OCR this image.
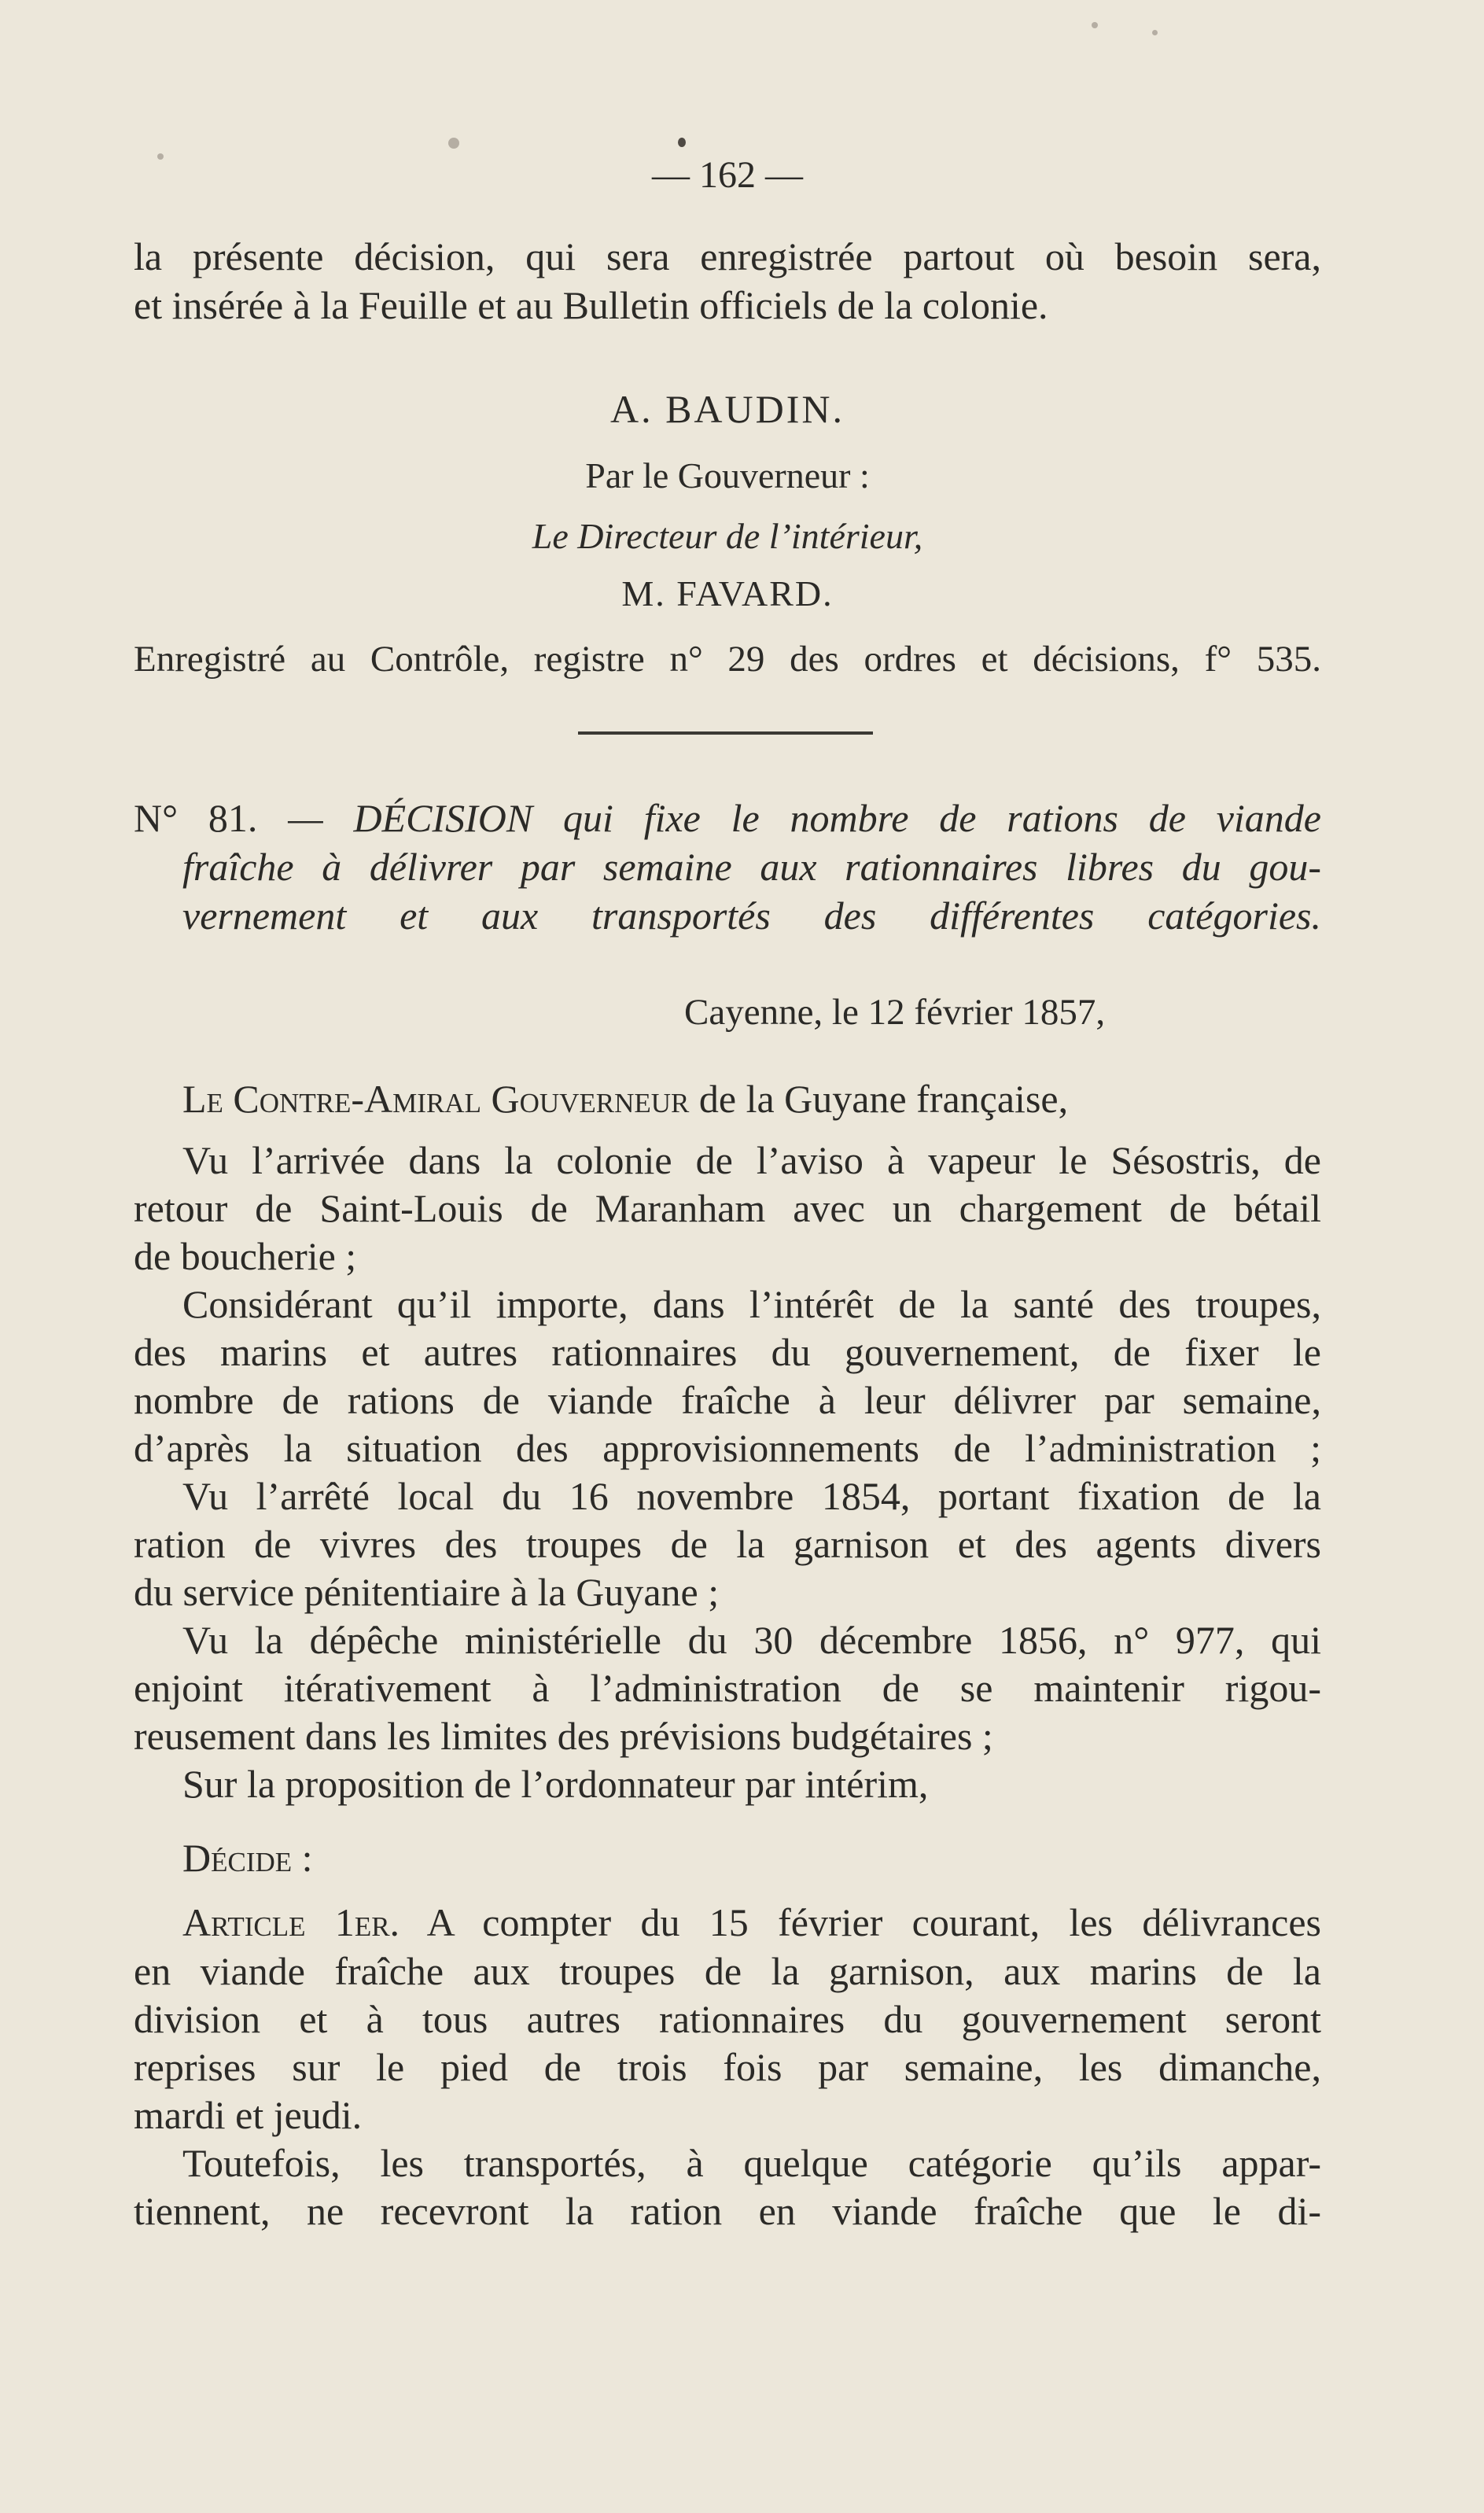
— 162 —
la présente décision, qui sera enregistrée partout où besoin sera,
et insérée à la Feuille et au Bulletin officiels de la colonie.
A. BAUDIN.
Par le Gouverneur :
Le Directeur de l’intérieur,
M. FAVARD.
Enregistré au Contrôle, registre n° 29 des ordres et décisions, f° 535.
N° 81. — DÉCISION qui fixe le nombre de rations de viande
fraîche à délivrer par semaine aux rationnaires libres du gou-
vernement et aux transportés des différentes catégories.
Cayenne, le 12 février 1857,
Le Contre-Amiral Gouverneur de la Guyane française,
Vu l’arrivée dans la colonie de l’aviso à vapeur le Sésostris, de
retour de Saint-Louis de Maranham avec un chargement de bétail
de boucherie ;
Considérant qu’il importe, dans l’intérêt de la santé des troupes,
des marins et autres rationnaires du gouvernement, de fixer le
nombre de rations de viande fraîche à leur délivrer par semaine,
d’après la situation des approvisionnements de l’administration ;
Vu l’arrêté local du 16 novembre 1854, portant fixation de la
ration de vivres des troupes de la garnison et des agents divers
du service pénitentiaire à la Guyane ;
Vu la dépêche ministérielle du 30 décembre 1856, n° 977, qui
enjoint itérativement à l’administration de se maintenir rigou-
reusement dans les limites des prévisions budgétaires ;
Sur la proposition de l’ordonnateur par intérim,
Décide :
Article 1er. A compter du 15 février courant, les délivrances
en viande fraîche aux troupes de la garnison, aux marins de la
division et à tous autres rationnaires du gouvernement seront
reprises sur le pied de trois fois par semaine, les dimanche,
mardi et jeudi.
Toutefois, les transportés, à quelque catégorie qu’ils appar-
tiennent, ne recevront la ration en viande fraîche que le di-
